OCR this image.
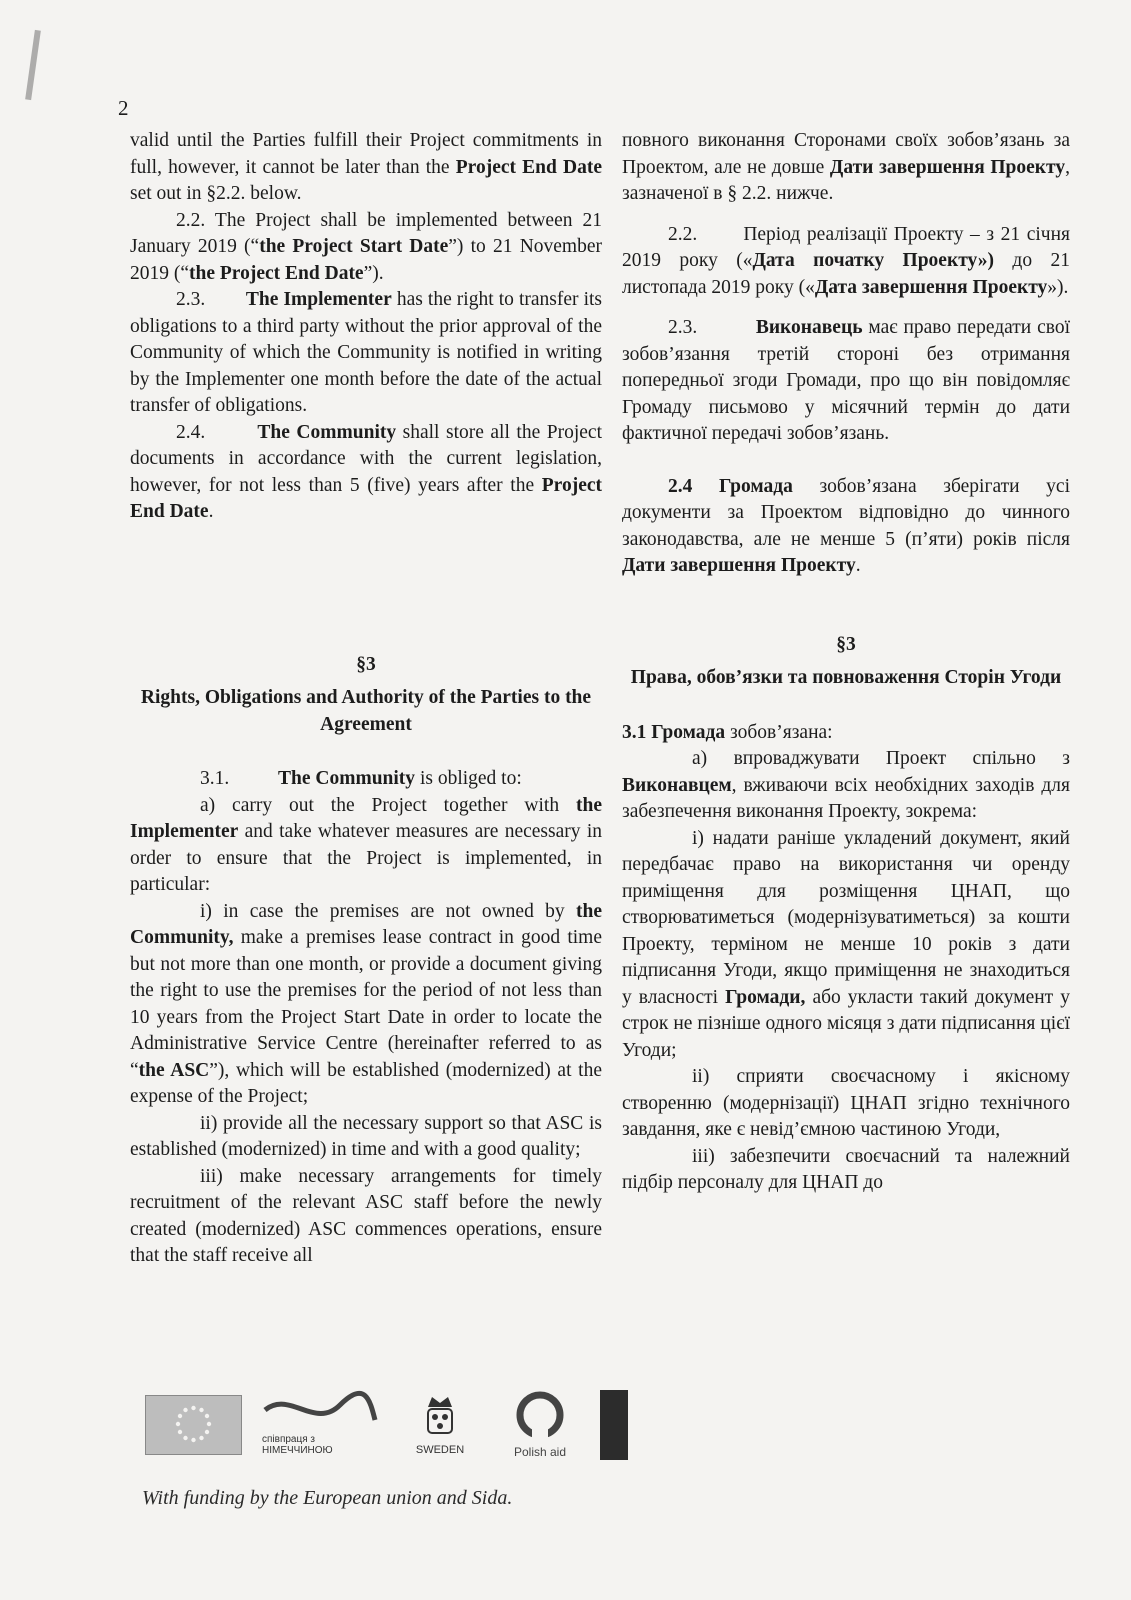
2

valid until the Parties fulfill their Project commitments in full, however, it cannot be later than the Project End Date set out in §2.2. below.

2.2. The Project shall be implemented between 21 January 2019 (“the Project Start Date”) to 21 November 2019 (“the Project End Date”).

2.3. The Implementer has the right to transfer its obligations to a third party without the prior approval of the Community of which the Community is notified in writing by the Implementer one month before the date of the actual transfer of obligations.

2.4.	The Community shall store all the Project documents in accordance with the current legislation, however, for not less than 5 (five) years after the Project End Date.

§3

Rights, Obligations and Authority of the Parties to the Agreement

3.1.	The Community is obliged to:

a) carry out the Project together with the Implementer and take whatever measures are necessary in order to ensure that the Project is implemented, in particular:

i) in case the premises are not owned by the Community, make a premises lease contract in good time but not more than one month, or provide a document giving the right to use the premises for the period of not less than 10 years from the Project Start Date in order to locate the Administrative Service Centre (hereinafter referred to as “the ASC”), which will be established (modernized) at the expense of the Project;

ii) provide all the necessary support so that ASC is established (modernized) in time and with a good quality;

iii) make necessary arrangements for timely recruitment of the relevant ASC staff before the newly created (modernized) ASC commences operations, ensure that the staff receive all

повного виконання Сторонами своїх зобов’язань за Проектом, але не довше Дати завершення Проекту, зазначеної в § 2.2. нижче.

2.2.       Період реалізації Проекту – з 21 січня 2019 року («Дата початку Проекту») до 21 листопада 2019 року («Дата завершення Проекту»).

2.3.	Виконавець має право передати свої зобов’язання третій стороні без отримання попередньої згоди Громади, про що він повідомляє Громаду письмово у місячний термін до дати фактичної передачі зобов’язань.

2.4 Громада зобов’язана зберігати усі документи за Проектом відповідно до чинного законодавства, але не менше 5 (п’яти) років після Дати завершення Проекту.

§3

Права, обов’язки та повноваження Сторін Угоди

3.1 Громада зобов’язана:

а) впроваджувати Проект спільно з Виконавцем, вживаючи всіх необхідних заходів для забезпечення виконання Проекту, зокрема:

i) надати раніше укладений документ, який передбачає право на використання чи оренду приміщення для розміщення ЦНАП, що створюватиметься (модернізуватиметься) за кошти Проекту, терміном не менше 10 років з дати підписання Угоди, якщо приміщення не знаходиться у власності Громади, або укласти такий документ у строк не пізніше одного місяця з дати підписання цієї Угоди;

ii) сприяти своєчасному і якісному створенню (модернізації) ЦНАП згідно технічного завдання, яке є невід’ємною частиною Угоди,

iii) забезпечити своєчасний та належний підбір персоналу для ЦНАП до

співпраця з
НІМЕЧЧИНОЮ	SWEDEN	Polish aid
With funding by the European union and Sida.
